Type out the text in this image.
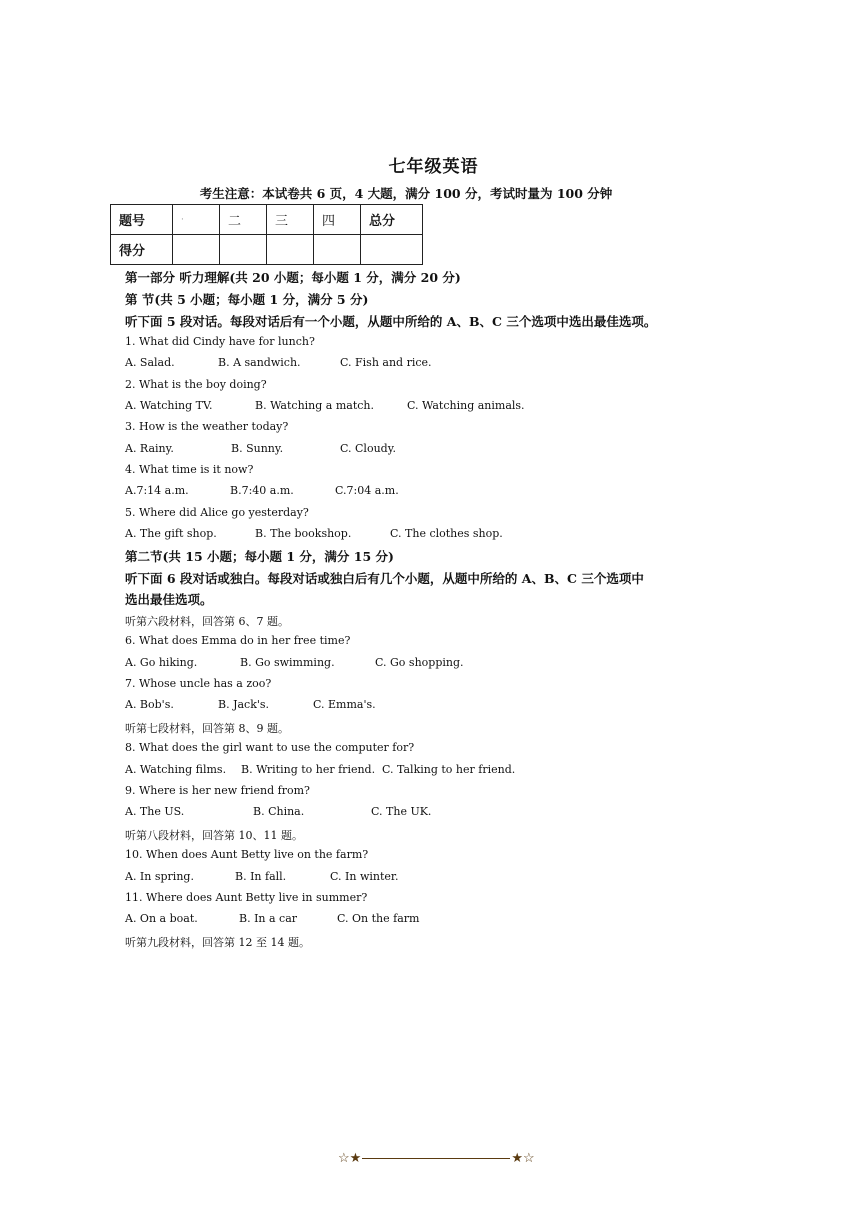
七年级英语
考生注意：本试卷共 6 页，4 大题，满分 100 分，考试时量为 100 分钟
题号	·	二	三	四	总分
得分					
第一部分 听力理解(共 20 小题；每小题 1 分，满分 20 分)
第 节(共 5 小题；每小题 1 分，满分 5 分)
听下面 5 段对话。每段对话后有一个小题，从题中所给的 A、B、C 三个选项中选出最佳选项。
1. What did Cindy have for lunch?
A. Salad.	B. A sandwich.	C. Fish and rice.
2. What is the boy doing?
A. Watching TV.	B. Watching a match.	C. Watching animals.
3. How is the weather today?
A. Rainy.	B. Sunny.	C. Cloudy.
4. What time is it now?
A.7:14 a.m.	B.7:40 a.m.	C.7:04 a.m.
5. Where did Alice go yesterday?
A. The gift shop.	B. The bookshop.	C. The clothes shop.
第二节(共 15 小题；每小题 1 分，满分 15 分)
听下面 6 段对话或独白。每段对话或独白后有几个小题，从题中所给的 A、B、C 三个选项中
选出最佳选项。
听第六段材料，回答第 6、7 题。
6. What does Emma do in her free time?
A. Go hiking.	B. Go swimming.	C. Go shopping.
7. Whose uncle has a zoo?
A. Bob's.	B. Jack's.	C. Emma's.
听第七段材料，回答第 8、9 题。
8. What does the girl want to use the computer for?
A. Watching films. B. Writing to her friend. C. Talking to her friend.
9. Where is her new friend from?
A. The US.	B. China.	C. The UK.
听第八段材料，回答第 10、11 题。
10. When does Aunt Betty live on the farm?
A. In spring.	B. In fall.	C. In winter.
11. Where does Aunt Betty live in summer?
A. On a boat.	B. In a car	C. On the farm
听第九段材料，回答第 12 至 14 题。
☆★	★☆
